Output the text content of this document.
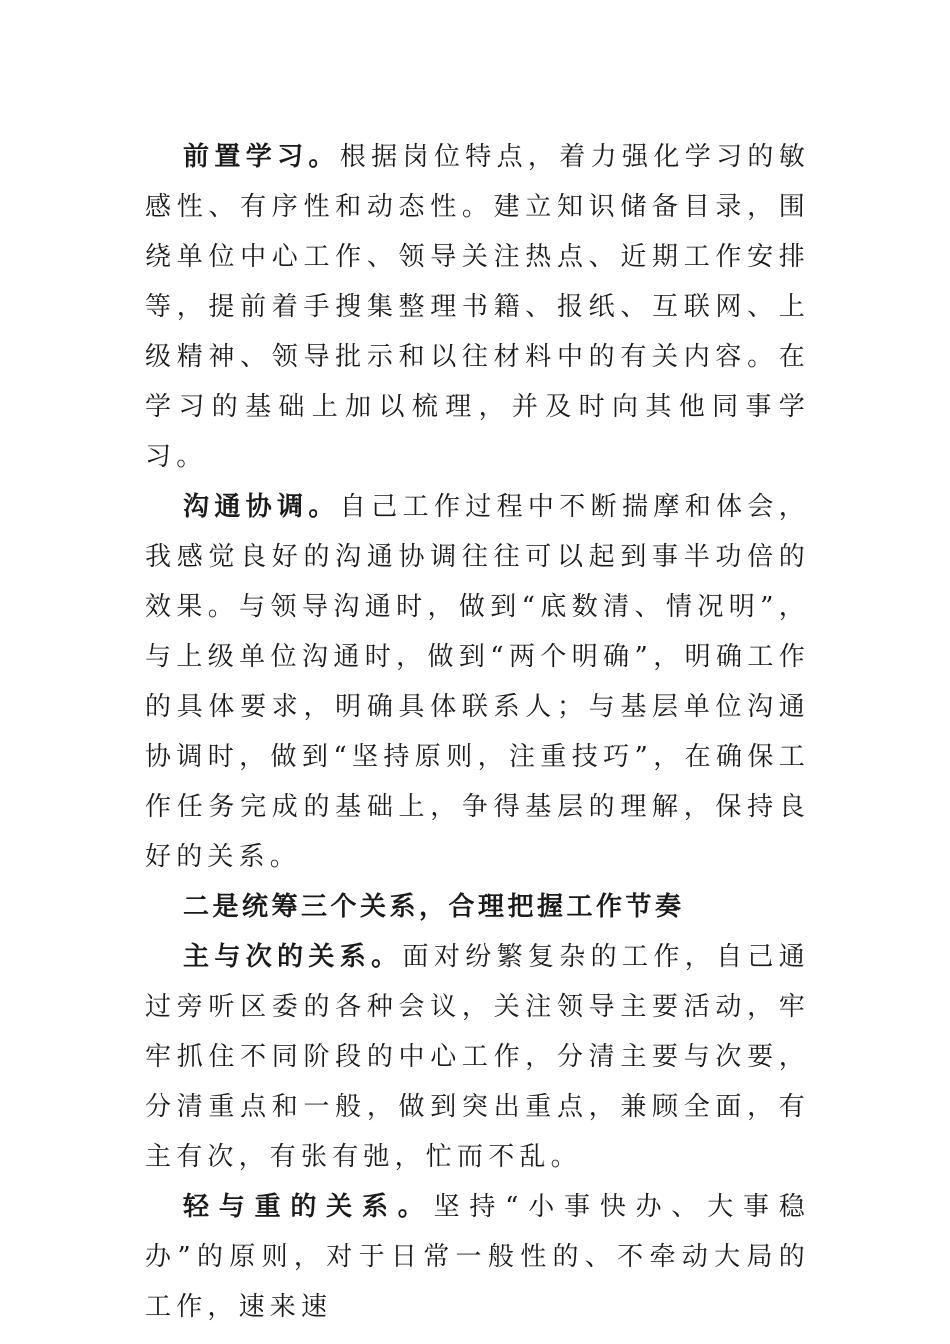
前置学习。根据岗位特点，着力强化学习的敏感性、有序性和动态性。建立知识储备目录，围绕单位中心工作、领导关注热点、近期工作安排等，提前着手搜集整理书籍、报纸、互联网、上级精神、领导批示和以往材料中的有关内容。在学习的基础上加以梳理，并及时向其他同事学习。

沟通协调。自己工作过程中不断揣摩和体会，我感觉良好的沟通协调往往可以起到事半功倍的效果。与领导沟通时，做到“底数清、情况明”，与上级单位沟通时，做到“两个明确”，明确工作的具体要求，明确具体联系人；与基层单位沟通协调时，做到“坚持原则，注重技巧”，在确保工作任务完成的基础上，争得基层的理解，保持良好的关系。

二是统筹三个关系，合理把握工作节奏

主与次的关系。面对纷繁复杂的工作，自己通过旁听区委的各种会议，关注领导主要活动，牢牢抓住不同阶段的中心工作，分清主要与次要，分清重点和一般，做到突出重点，兼顾全面，有主有次，有张有弛，忙而不乱。

轻与重的关系。坚持“小事快办、大事稳办”的原则，对于日常一般性的、不牵动大局的工作，速来速
